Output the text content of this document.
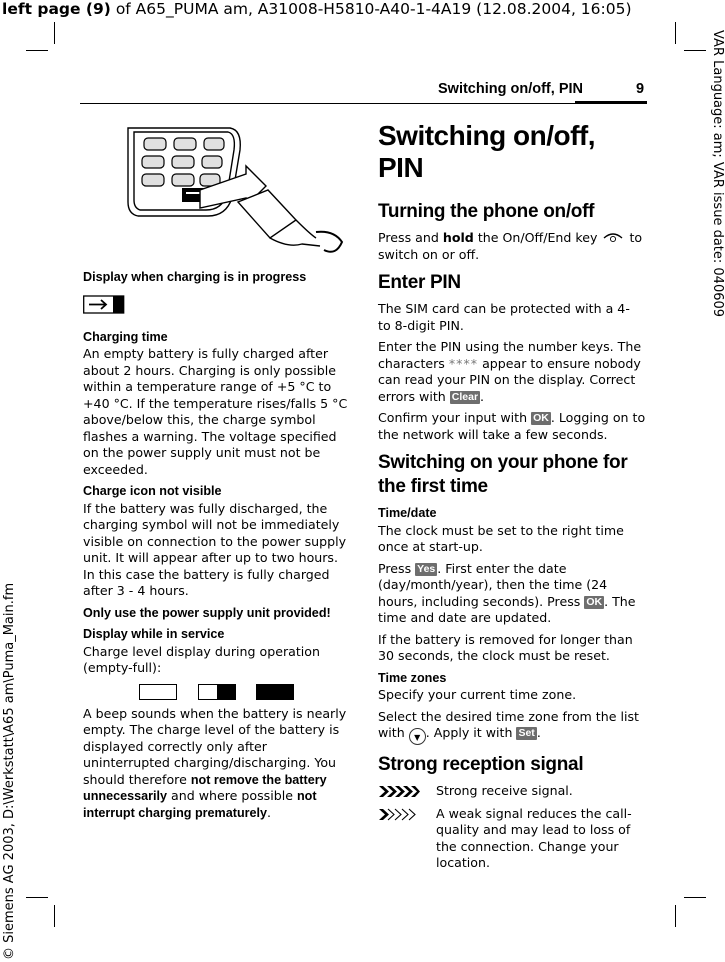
left page (9) of A65_PUMA am, A31008-H5810-A40-1-4A19 (12.08.2004, 16:05)
VAR Language: am; VAR issue date: 040609
© Siemens AG 2003, D:\Werkstatt\A65 am\Puma_Main.fm
Switching on/off, PIN	9
Display when charging is in progress
Charging time

An empty battery is fully charged after about 2 hours. Charging is only possible within a temperature range of +5 °C to +40 °C. If the temperature rises/falls 5 °C above/below this, the charge symbol flashes a warning. The voltage specified on the power supply unit must not be exceeded.

Charge icon not visible

If the battery was fully discharged, the charging symbol will not be immediately visible on connection to the power supply unit. It will appear after up to two hours. In this case the battery is fully charged after 3 - 4 hours.

Only use the power supply unit provided!

Display while in service

Charge level display during operation (empty-full):

A beep sounds when the battery is nearly empty. The charge level of the battery is displayed correctly only after uninterrupted charging/discharging. You should therefore not remove the battery unnecessarily and where possible not interrupt charging prematurely.

Switching on/off, PIN
Turning the phone on/off

Press and hold the On/Off/End key  to switch on or off.

Enter PIN

The SIM card can be protected with a 4- to 8-digit PIN.

Enter the PIN using the number keys. The characters **** appear to ensure nobody can read your PIN on the display. Correct errors with Clear .

Confirm your input with OK . Logging on to the network will take a few seconds.

Switching on your phone for the first time
Time/date

The clock must be set to the right time once at start-up.

Press Yes . First enter the date (day/month/year), then the time (24 hours, including seconds). Press OK . The time and date are updated.

If the battery is removed for longer than 30 seconds, the clock must be reset.

Time zones

Specify your current time zone.

Select the desired time zone from the list with ▼ . Apply it with Set .

Strong reception signal
Strong receive signal.
A weak signal reduces the call-quality and may lead to loss of the connection. Change your location.
